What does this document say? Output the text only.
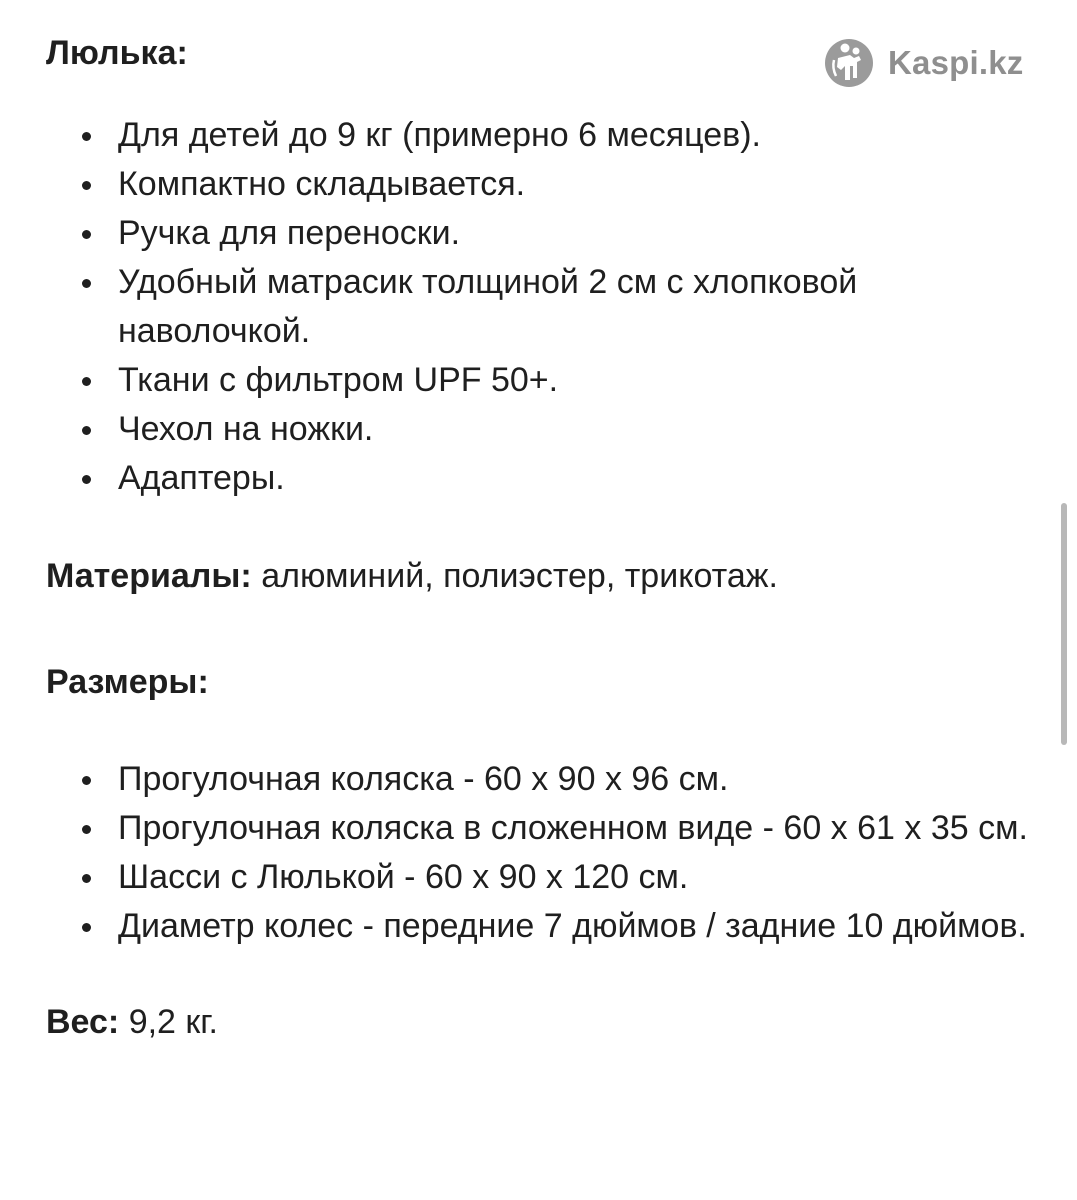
Kaspi.kz

Люлька:

Для детей до 9 кг (примерно 6 месяцев).
Компактно складывается.
Ручка для переноски.
Удобный матрасик толщиной 2 см с хлопковой наволочкой.
Ткани с фильтром UPF 50+.
Чехол на ножки.
Адаптеры.

Материалы: алюминий, полиэстер, трикотаж.

Размеры:

Прогулочная коляска - 60 х 90 х 96 см.
Прогулочная коляска в сложенном виде - 60 х 61 х 35 см.
Шасси с Люлькой - 60 х 90 х 120 см.
Диаметр колес - передние 7 дюймов / задние 10 дюймов.

Вес: 9,2 кг.
